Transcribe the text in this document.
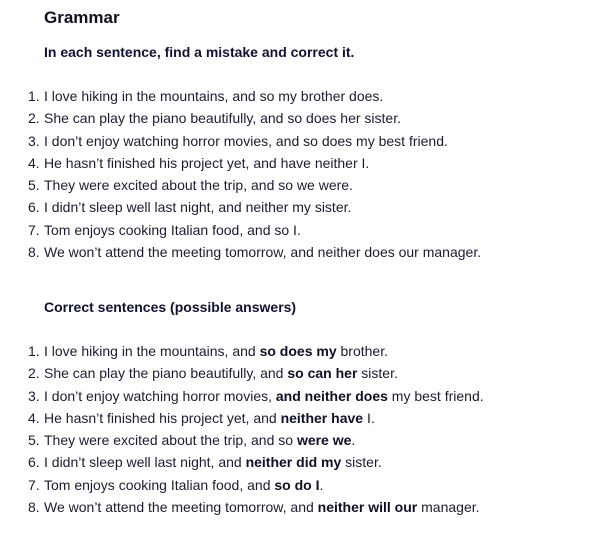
Grammar
In each sentence, find a mistake and correct it.
1. I love hiking in the mountains, and so my brother does.
2. She can play the piano beautifully, and so does her sister.
3. I don’t enjoy watching horror movies, and so does my best friend.
4. He hasn’t finished his project yet, and have neither I.
5. They were excited about the trip, and so we were.
6. I didn’t sleep well last night, and neither my sister.
7. Tom enjoys cooking Italian food, and so I.
8. We won’t attend the meeting tomorrow, and neither does our manager.
Correct sentences (possible answers)
1. I love hiking in the mountains, and so does my brother.
2. She can play the piano beautifully, and so can her sister.
3. I don’t enjoy watching horror movies, and neither does my best friend.
4. He hasn’t finished his project yet, and neither have I.
5. They were excited about the trip, and so were we.
6. I didn’t sleep well last night, and neither did my sister.
7. Tom enjoys cooking Italian food, and so do I.
8. We won’t attend the meeting tomorrow, and neither will our manager.
